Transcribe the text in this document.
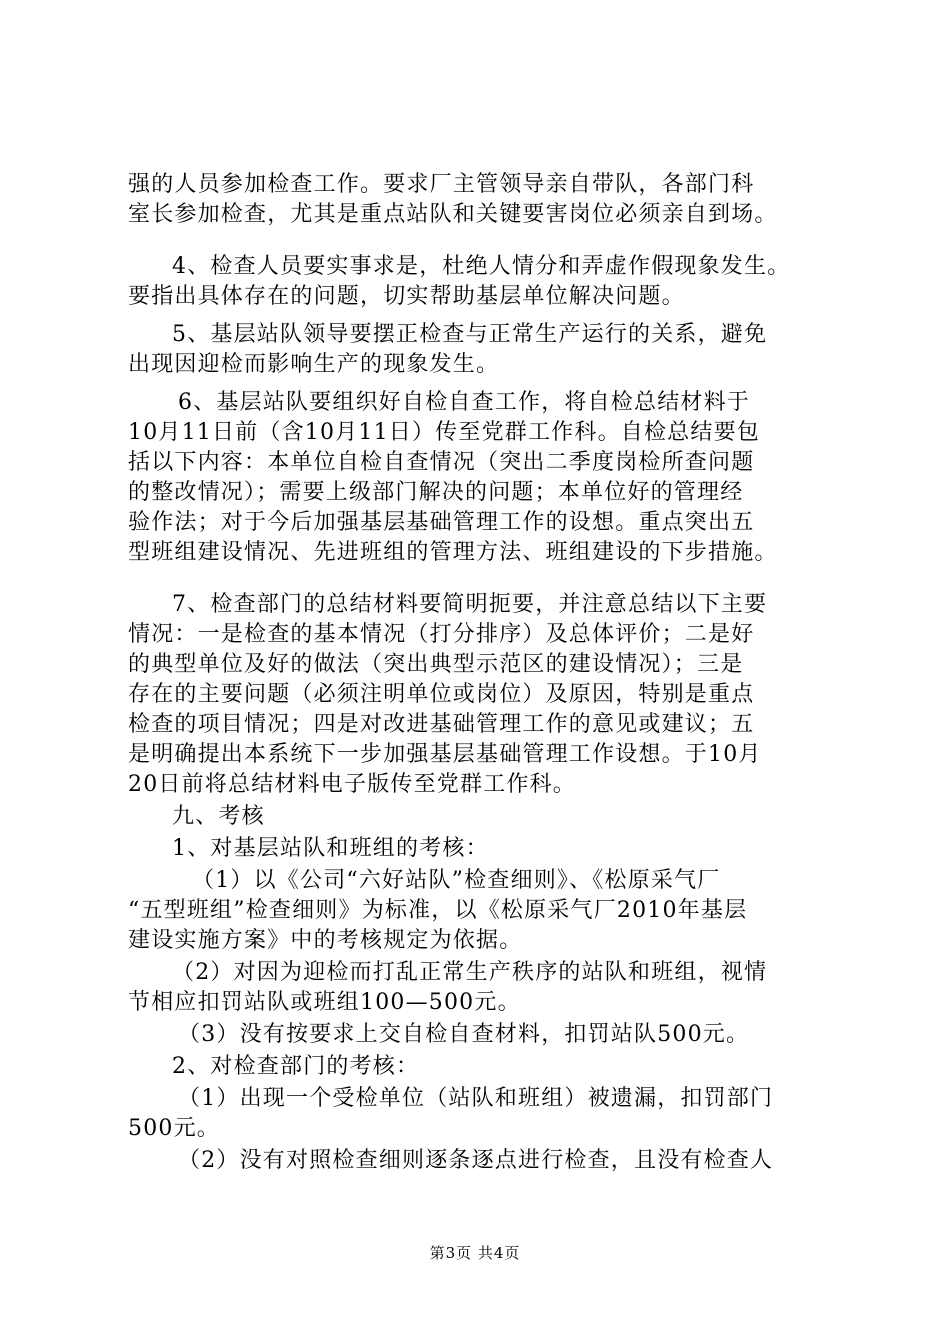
强的人员参加检查工作。要求厂主管领导亲自带队，各部门科
室长参加检查，尤其是重点站队和关键要害岗位必须亲自到场。
4、检查人员要实事求是，杜绝人情分和弄虚作假现象发生。
要指出具体存在的问题，切实帮助基层单位解决问题。
5、基层站队领导要摆正检查与正常生产运行的关系，避免
出现因迎检而影响生产的现象发生。
6、基层站队要组织好自检自查工作，将自检总结材料于
10月11日前（含10月11日）传至党群工作科。自检总结要包
括以下内容：本单位自检自查情况（突出二季度岗检所查问题
的整改情况）；需要上级部门解决的问题；本单位好的管理经
验作法；对于今后加强基层基础管理工作的设想。重点突出五
型班组建设情况、先进班组的管理方法、班组建设的下步措施。
7、检查部门的总结材料要简明扼要，并注意总结以下主要
情况：一是检查的基本情况（打分排序）及总体评价；二是好
的典型单位及好的做法（突出典型示范区的建设情况）；三是
存在的主要问题（必须注明单位或岗位）及原因，特别是重点
检查的项目情况；四是对改进基础管理工作的意见或建议；五
是明确提出本系统下一步加强基层基础管理工作设想。于10月
20日前将总结材料电子版传至党群工作科。
九、考核
1、对基层站队和班组的考核：
（1）以《公司“六好站队”检查细则》、《松原采气厂
“五型班组”检查细则》为标准，以《松原采气厂2010年基层
建设实施方案》中的考核规定为依据。
（2）对因为迎检而打乱正常生产秩序的站队和班组，视情
节相应扣罚站队或班组100—500元。
（3）没有按要求上交自检自查材料，扣罚站队500元。
2、对检查部门的考核：
（1）出现一个受检单位（站队和班组）被遗漏，扣罚部门
500元。
（2）没有对照检查细则逐条逐点进行检查，且没有检查人
第3页 共4页
